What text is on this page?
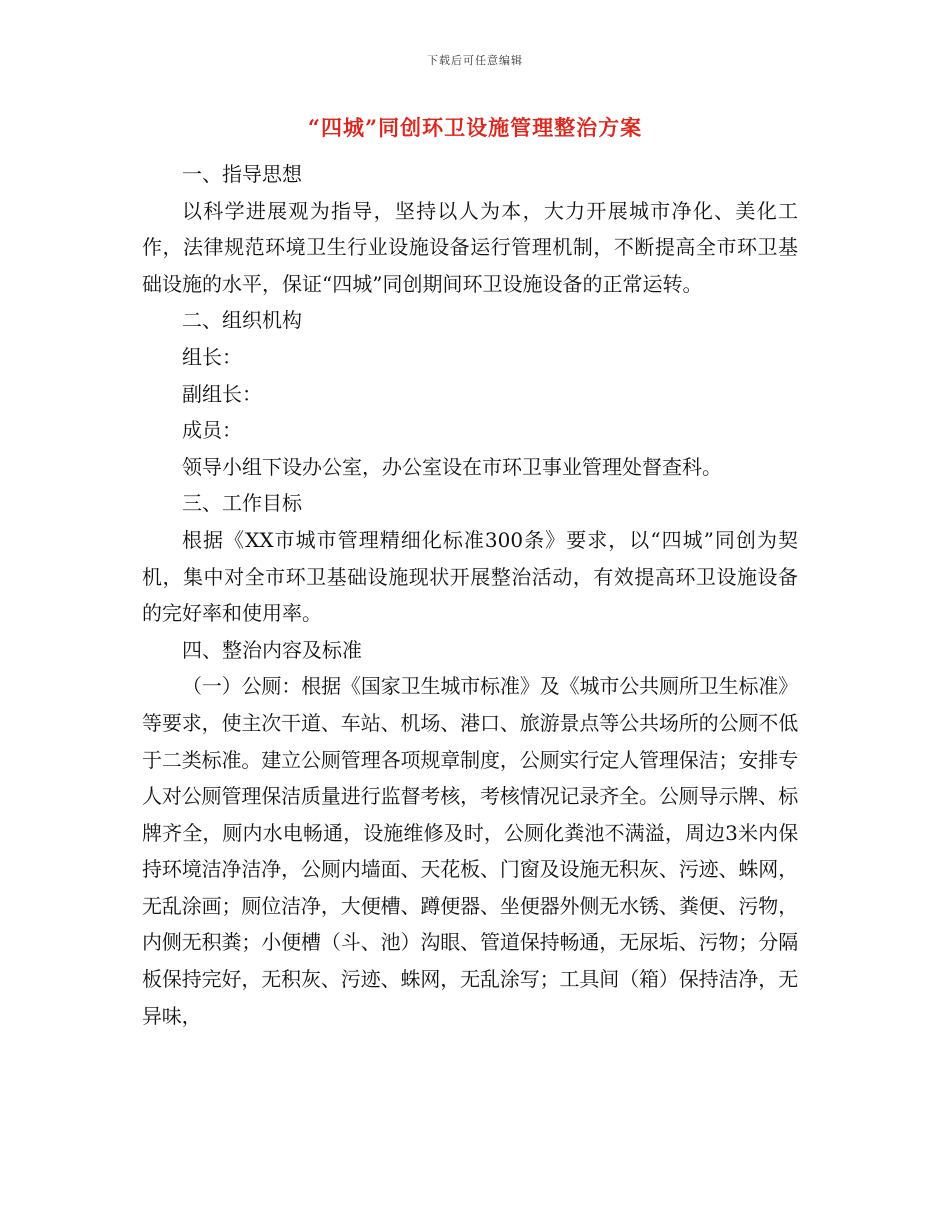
下载后可任意编辑
“四城”同创环卫设施管理整治方案

一、指导思想

以科学进展观为指导，坚持以人为本，大力开展城市净化、美化工作，法律规范环境卫生行业设施设备运行管理机制，不断提高全市环卫基础设施的水平，保证“四城”同创期间环卫设施设备的正常运转。

二、组织机构

组长：

副组长：

成员：

领导小组下设办公室，办公室设在市环卫事业管理处督查科。

三、工作目标

根据《XX市城市管理精细化标准300条》要求，以“四城”同创为契机，集中对全市环卫基础设施现状开展整治活动，有效提高环卫设施设备的完好率和使用率。

四、整治内容及标准

（一）公厕：根据《国家卫生城市标准》及《城市公共厕所卫生标准》等要求，使主次干道、车站、机场、港口、旅游景点等公共场所的公厕不低于二类标准。建立公厕管理各项规章制度，公厕实行定人管理保洁；安排专人对公厕管理保洁质量进行监督考核，考核情况记录齐全。公厕导示牌、标牌齐全，厕内水电畅通，设施维修及时，公厕化粪池不满溢，周边3米内保持环境洁净洁净，公厕内墙面、天花板、门窗及设施无积灰、污迹、蛛网，无乱涂画；厕位洁净，大便槽、蹲便器、坐便器外侧无水锈、粪便、污物，内侧无积粪；小便槽（斗、池）沟眼、管道保持畅通，无尿垢、污物；分隔板保持完好，无积灰、污迹、蛛网，无乱涂写；工具间（箱）保持洁净，无异味，
